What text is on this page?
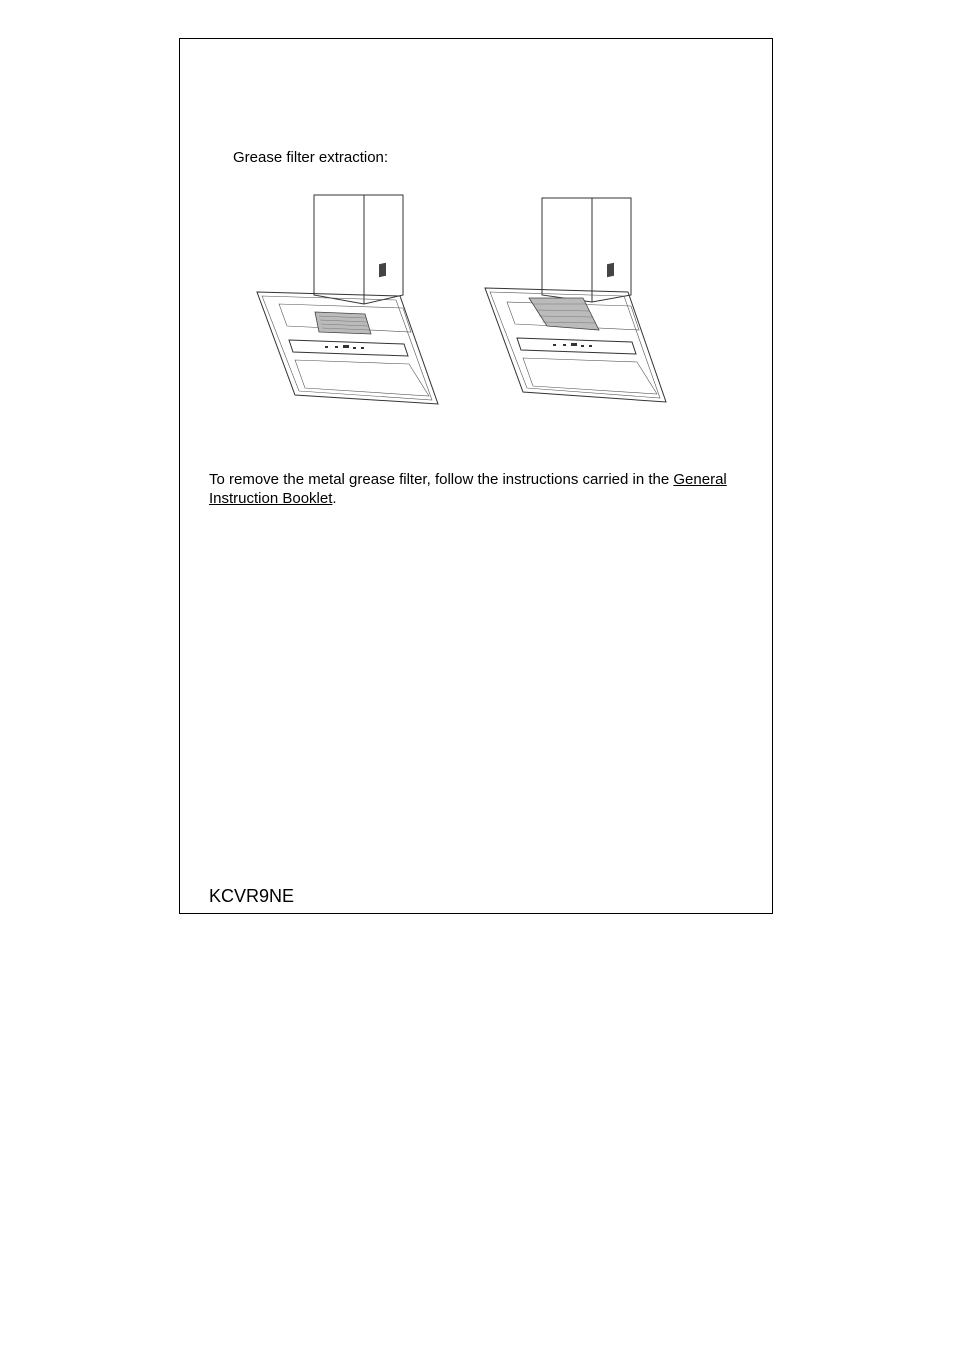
Grease filter extraction:

To remove the metal grease filter, follow the instructions carried in the General Instruction Booklet.

KCVR9NE
